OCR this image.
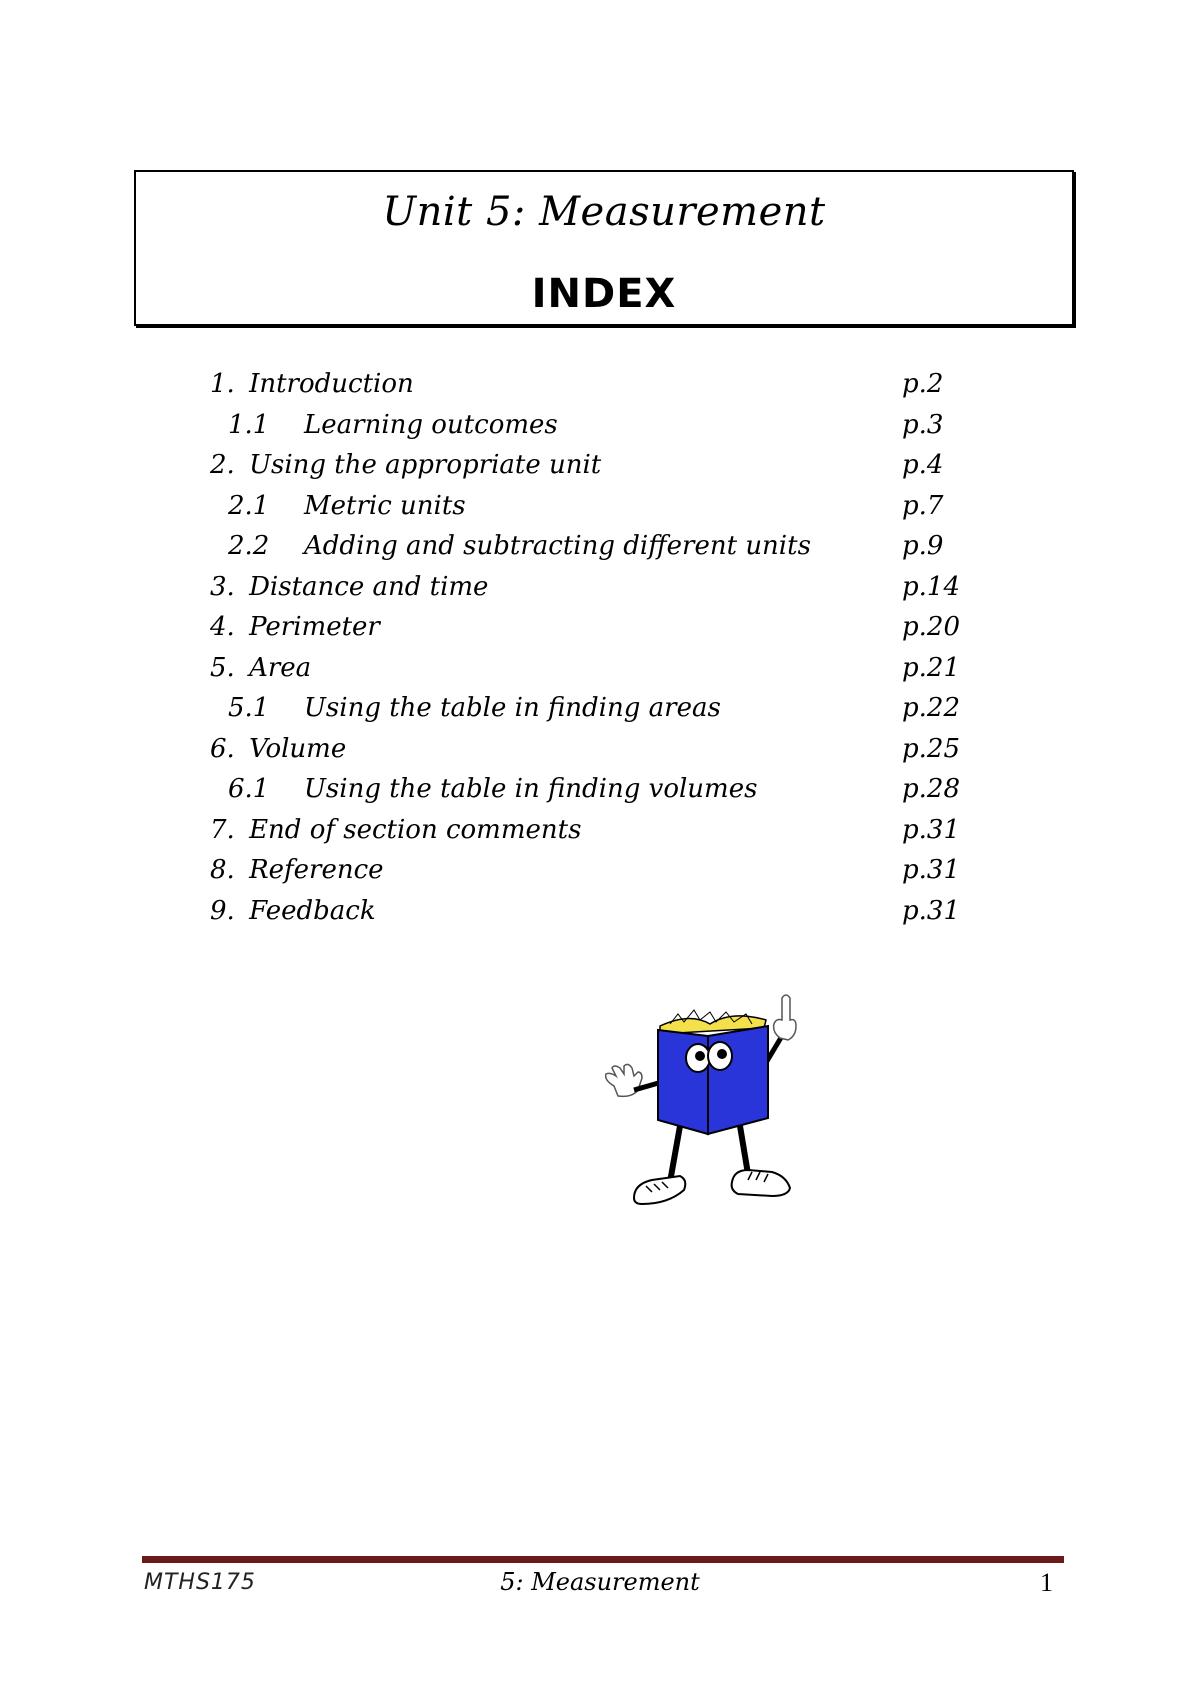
Unit 5: Measurement
INDEX
1. Introduction	p.2
1.1 Learning outcomes	p.3
2. Using the appropriate unit	p.4
2.1 Metric units	p.7
2.2 Adding and subtracting different units	p.9
3. Distance and time	p.14
4. Perimeter	p.20
5. Area	p.21
5.1 Using the table in finding areas	p.22
6. Volume	p.25
6.1 Using the table in finding volumes	p.28
7. End of section comments	p.31
8. Reference	p.31
9. Feedback	p.31
MTHS175	5: Measurement	1
